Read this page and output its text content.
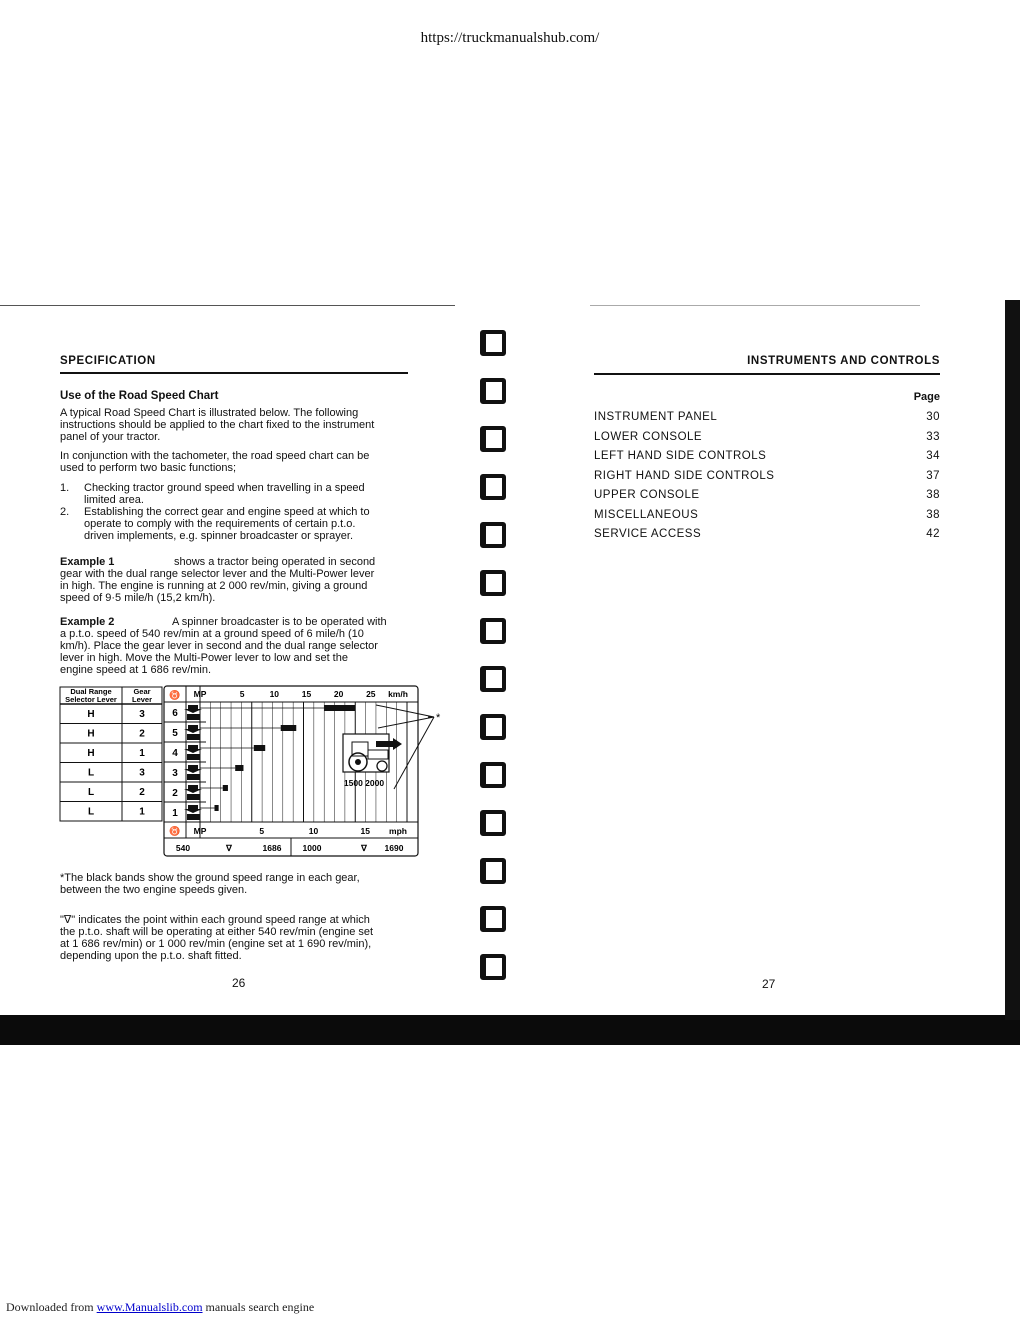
https://truckmanualshub.com/
SPECIFICATION
Use of the Road Speed Chart
A typical Road Speed Chart is illustrated below. The following
instructions should be applied to the chart fixed to the instrument
panel of your tractor.
In conjunction with the tachometer, the road speed chart can be
used to perform two basic functions;
1. Checking tractor ground speed when travelling in a speed
limited area.
2. Establishing the correct gear and engine speed at which to
operate to comply with the requirements of certain p.t.o.
driven implements, e.g. spinner broadcaster or sprayer.
Example 1	shows a tractor being operated in second
gear with the dual range selector lever and the Multi-Power lever
in high. The engine is running at 2 000 rev/min, giving a ground
speed of 9·5 mile/h (15,2 km/h).
Example 2	A spinner broadcaster is to be operated with
a p.t.o. speed of 540 rev/min at a ground speed of 6 mile/h (10
km/h). Place the gear lever in second and the dual range selector
lever in high. Move the Multi-Power lever to low and set the
engine speed at 1 686 rev/min.
Dual Range
Selector Lever
Gear
Lever
H	3
H	2
H	1
L	3
L	2
L	1
♉ MP	km/h
MP	mph
♉
5	10	15	20	25
5	10	15
6
5
4
3
2
1
1500 2000
540	∇	1686 1000	∇ 1690
*
*The black bands show the ground speed range in each gear,
between the two engine speeds given.
"∇" indicates the point within each ground speed range at which
the p.t.o. shaft will be operating at either 540 rev/min (engine set
at 1 686 rev/min) or 1 000 rev/min (engine set at 1 690 rev/min),
depending upon the p.t.o. shaft fitted.
26
INSTRUMENTS AND CONTROLS
Page
INSTRUMENT PANEL	30
LOWER CONSOLE	33
LEFT HAND SIDE CONTROLS	34
RIGHT HAND SIDE CONTROLS	37
UPPER CONSOLE	38
MISCELLANEOUS	38
SERVICE ACCESS	42
27
Downloaded from www.Manualslib.com manuals search engine
